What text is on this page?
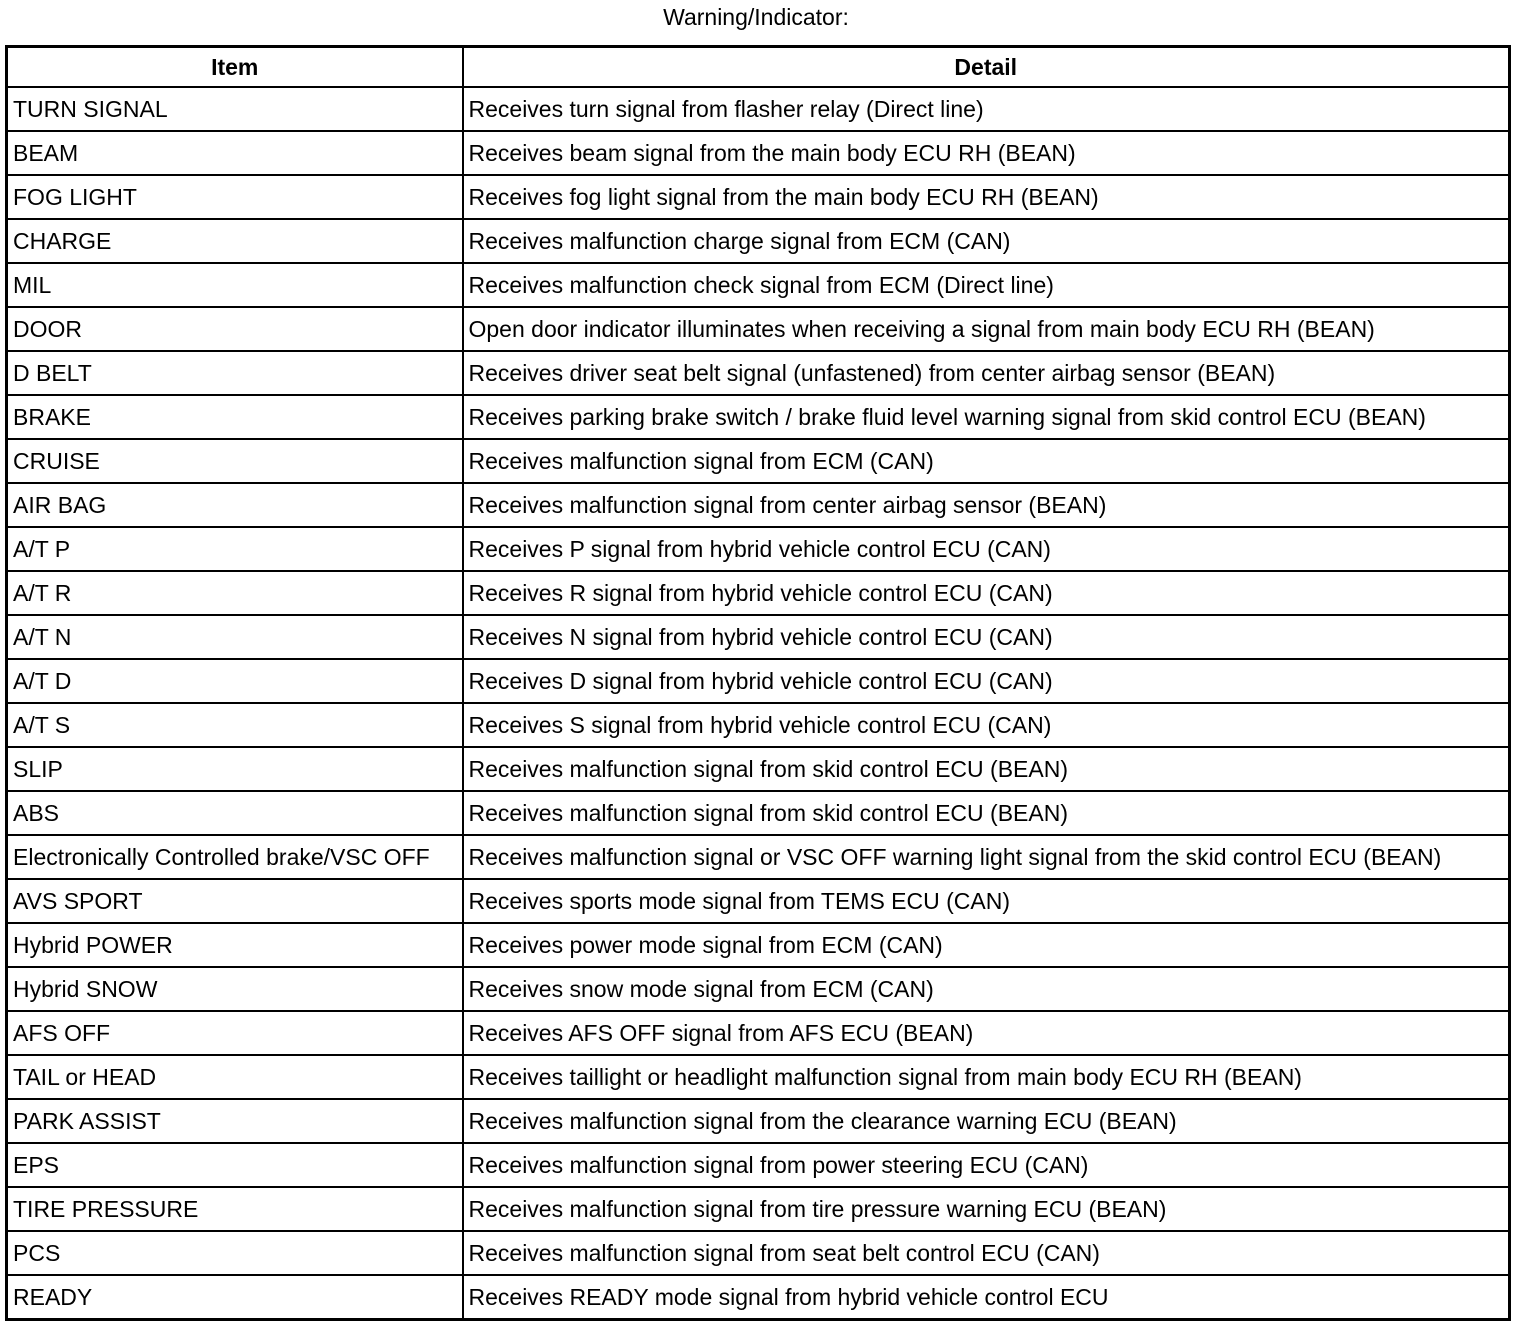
Warning/Indicator:
Item	Detail
TURN SIGNAL	Receives turn signal from flasher relay (Direct line)
BEAM	Receives beam signal from the main body ECU RH (BEAN)
FOG LIGHT	Receives fog light signal from the main body ECU RH (BEAN)
CHARGE	Receives malfunction charge signal from ECM (CAN)
MIL	Receives malfunction check signal from ECM (Direct line)
DOOR	Open door indicator illuminates when receiving a signal from main body ECU RH (BEAN)
D BELT	Receives driver seat belt signal (unfastened) from center airbag sensor (BEAN)
BRAKE	Receives parking brake switch / brake fluid level warning signal from skid control ECU (BEAN)
CRUISE	Receives malfunction signal from ECM (CAN)
AIR BAG	Receives malfunction signal from center airbag sensor (BEAN)
A/T P	Receives P signal from hybrid vehicle control ECU (CAN)
A/T R	Receives R signal from hybrid vehicle control ECU (CAN)
A/T N	Receives N signal from hybrid vehicle control ECU (CAN)
A/T D	Receives D signal from hybrid vehicle control ECU (CAN)
A/T S	Receives S signal from hybrid vehicle control ECU (CAN)
SLIP	Receives malfunction signal from skid control ECU (BEAN)
ABS	Receives malfunction signal from skid control ECU (BEAN)
Electronically Controlled brake/VSC OFF	Receives malfunction signal or VSC OFF warning light signal from the skid control ECU (BEAN)
AVS SPORT	Receives sports mode signal from TEMS ECU (CAN)
Hybrid POWER	Receives power mode signal from ECM (CAN)
Hybrid SNOW	Receives snow mode signal from ECM (CAN)
AFS OFF	Receives AFS OFF signal from AFS ECU (BEAN)
TAIL or HEAD	Receives taillight or headlight malfunction signal from main body ECU RH (BEAN)
PARK ASSIST	Receives malfunction signal from the clearance warning ECU (BEAN)
EPS	Receives malfunction signal from power steering ECU (CAN)
TIRE PRESSURE	Receives malfunction signal from tire pressure warning ECU (BEAN)
PCS	Receives malfunction signal from seat belt control ECU (CAN)
READY	Receives READY mode signal from hybrid vehicle control ECU
